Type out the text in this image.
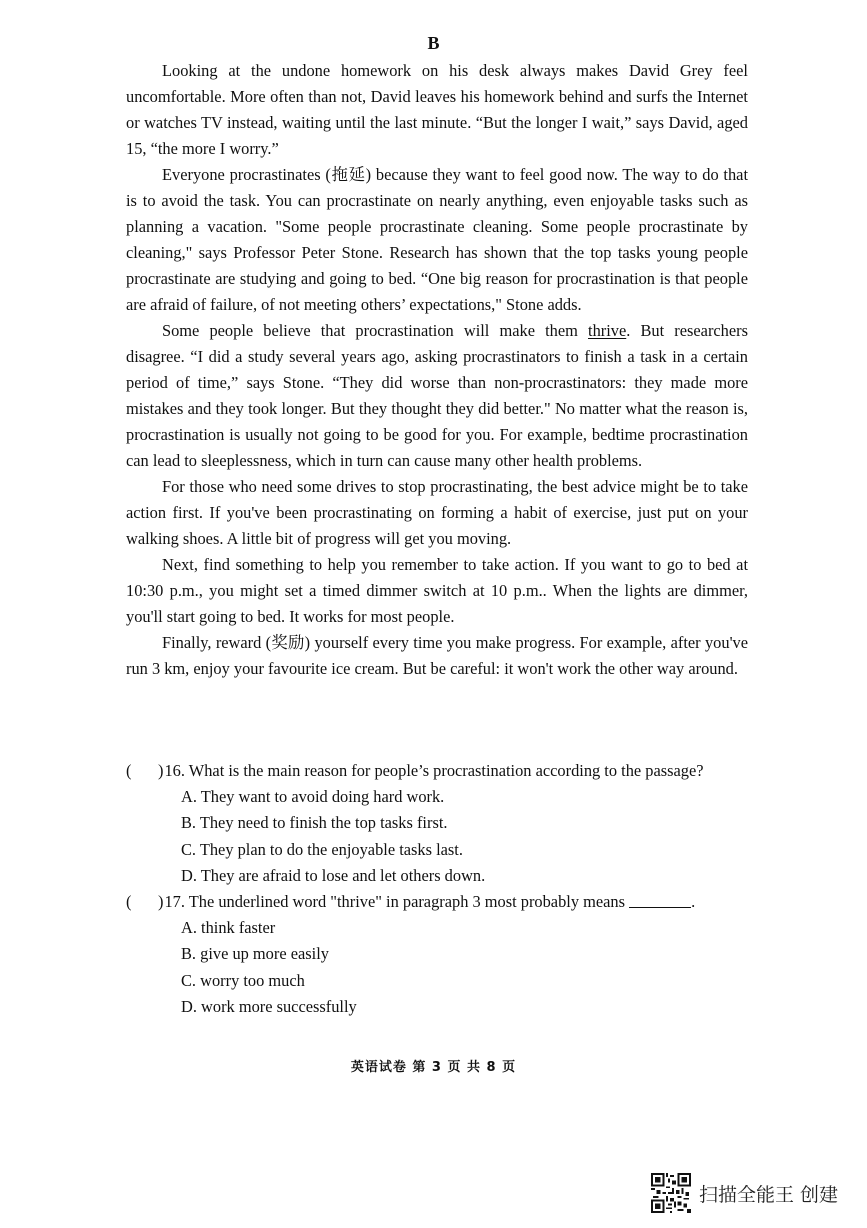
B

Looking at the undone homework on his desk always makes David Grey feel uncomfortable. More often than not, David leaves his homework behind and surfs the Internet or watches TV instead, waiting until the last minute. “But the longer I wait,” says David, aged 15, “the more I worry.”

Everyone procrastinates (拖延) because they want to feel good now. The way to do that is to avoid the task. You can procrastinate on nearly anything, even enjoyable tasks such as planning a vacation. "Some people procrastinate cleaning. Some people procrastinate by cleaning," says Professor Peter Stone. Research has shown that the top tasks young people procrastinate are studying and going to bed. “One big reason for procrastination is that people are afraid of failure, of not meeting others’ expectations," Stone adds.

Some people believe that procrastination will make them thrive. But researchers disagree. “I did a study several years ago, asking procrastinators to finish a task in a certain period of time,” says Stone. “They did worse than non-procrastinators: they made more mistakes and they took longer. But they thought they did better." No matter what the reason is, procrastination is usually not going to be good for you. For example, bedtime procrastination can lead to sleeplessness, which in turn can cause many other health problems.

For those who need some drives to stop procrastinating, the best advice might be to take action first. If you've been procrastinating on forming a habit of exercise, just put on your walking shoes. A little bit of progress will get you moving.

Next, find something to help you remember to take action. If you want to go to bed at 10:30 p.m., you might set a timed dimmer switch at 10 p.m.. When the lights are dimmer, you'll start going to bed. It works for most people.

Finally, reward (奖励) yourself every time you make progress. For example, after you've run 3 km, enjoy your favourite ice cream. But be careful: it won't work the other way around.

(	) 16. What is the main reason for people’s procrastination according to the passage?
A. They want to avoid doing hard work.
B. They need to finish the top tasks first.
C. They plan to do the enjoyable tasks last.
D. They are afraid to lose and let others down.
(	) 17. The underlined word "thrive" in paragraph 3 most probably means
	.
A. think faster
B. give up more easily
C. worry too much
D. work more successfully
英语试卷 第 3 页 共 8 页
扫描全能王 创建
